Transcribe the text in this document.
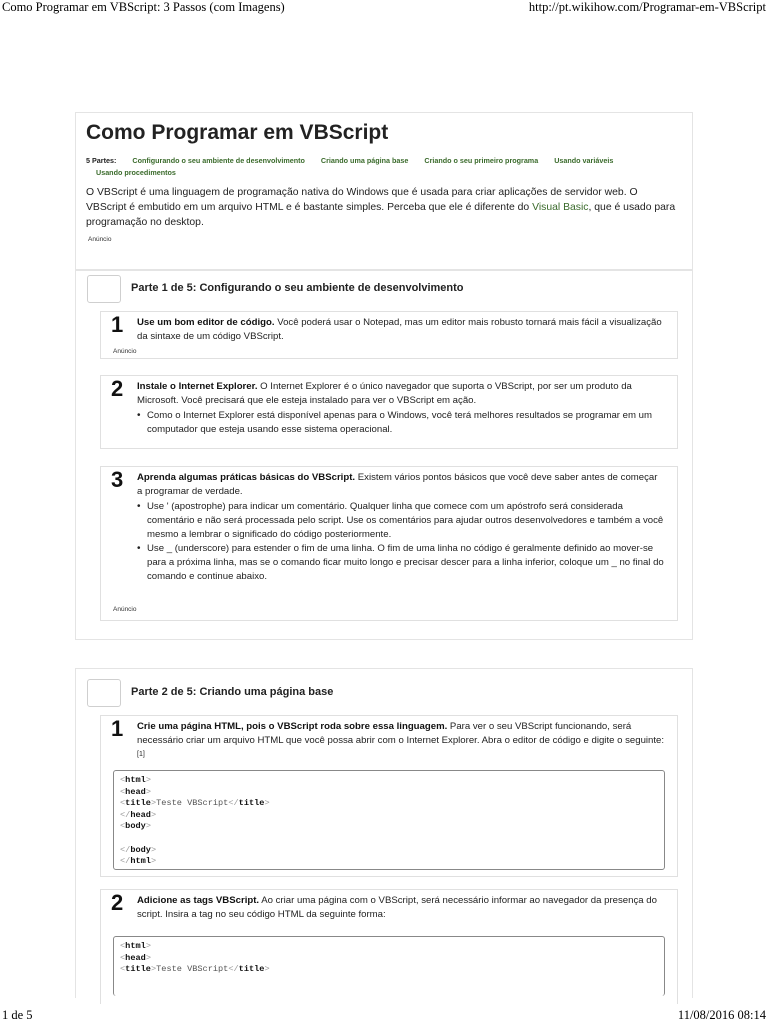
Como Programar em VBScript: 3 Passos (com Imagens)	http://pt.wikihow.com/Programar-em-VBScript
Como Programar em VBScript
5 Partes: Configurando o seu ambiente de desenvolvimento Criando uma página base Criando o seu primeiro programa Usando variáveis
Usando procedimentos
O VBScript é uma linguagem de programação nativa do Windows que é usada para criar aplicações de servidor web. O VBScript é embutido em um arquivo HTML e é bastante simples. Perceba que ele é diferente do Visual Basic, que é usado para programação no desktop.
Anúncio
Parte 1 de 5: Configurando o seu ambiente de desenvolvimento
1 Use um bom editor de código. Você poderá usar o Notepad, mas um editor mais robusto tornará mais fácil a visualização da sintaxe de um código VBScript.
Anúncio
2 Instale o Internet Explorer. O Internet Explorer é o único navegador que suporta o VBScript, por ser um produto da Microsoft. Você precisará que ele esteja instalado para ver o VBScript em ação.
• Como o Internet Explorer está disponível apenas para o Windows, você terá melhores resultados se programar em um computador que esteja usando esse sistema operacional.
3 Aprenda algumas práticas básicas do VBScript. Existem vários pontos básicos que você deve saber antes de começar a programar de verdade.
• Use ' (apostrophe) para indicar um comentário. Qualquer linha que comece com um apóstrofo será considerada comentário e não será processada pelo script. Use os comentários para ajudar outros desenvolvedores e também a você mesmo a lembrar o significado do código posteriormente.
• Use _ (underscore) para estender o fim de uma linha. O fim de uma linha no código é geralmente definido ao mover-se para a próxima linha, mas se o comando ficar muito longo e precisar descer para a linha inferior, coloque um _ no final do comando e continue abaixo.
Anúncio
Parte 2 de 5: Criando uma página base
1 Crie uma página HTML, pois o VBScript roda sobre essa linguagem. Para ver o seu VBScript funcionando, será necessário criar um arquivo HTML que você possa abrir com o Internet Explorer. Abra o editor de código e digite o seguinte:[1]
<html>
<head>
<title>Teste VBScript</title>
</head>
<body>

</body>
</html>
2 Adicione as tags VBScript. Ao criar uma página com o VBScript, será necessário informar ao navegador da presença do script. Insira a tag no seu código HTML da seguinte forma:
<html>
<head>
<title>Teste VBScript</title>
1 de 5	11/08/2016 08:14
